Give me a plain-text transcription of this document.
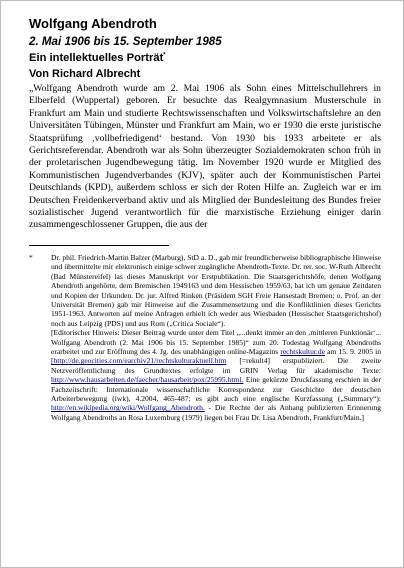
Wolfgang Abendroth

2. Mai 1906 bis 15. September 1985

Ein intellektuelles Porträt*

Von Richard Albrecht

„Wolfgang Abendroth wurde am 2. Mai 1906 als Sohn eines Mittelschullehrers in Elberfeld (Wuppertal) geboren. Er besuchte das Realgymnasium Musterschule in Frankfurt am Main und studierte Rechtswissenschaften und Volkswirtschaftslehre an den Universitäten Tübingen, Münster und Frankfurt am Main, wo er 1930 die erste juristische Staatsprüfung ‚vollbefriedigend‘ bestand. Von 1930 bis 1933 arbeitete er als Gerichtsreferendar. Abendroth war als Sohn überzeugter Sozialdemokraten schon früh in der proletarischen Jugendbewegung tätig. Im November 1920 wurde er Mitglied des Kommunistischen Jugendverbandes (KJV), später auch der Kommunistischen Partei Deutschlands (KPD), außerdem schloss er sich der Roten Hilfe an. Zugleich war er im Deutschen Freidenkerverband aktiv und als Mitglied der Bundesleitung des Bundes freier sozialistischer Jugend verantwortlich für die marxistische Erziehung einiger darin zusammengeschlossener Gruppen, die aus der

* Dr. phil. Friedrich-Martin Balzer (Marburg), StD a. D., gab mir freundlicherweise bibliographische Hinweise und übermittelte mir elektronisch einige schwer zugängliche Abendroth-Texte. Dr. rer. soc. W-Ruth Albrecht (Bad Münstereifel) las dieses Manuskript vor Erstpublikation. Die Staatsgerichtshöfe, denen Wolfgang Abendroth angehörte, dem Bremischen 1949163 und dem Hessischen 1959/63, bat ich um genaue Zeitdaten und Kopien der Urkunden. Dr. jur. Alfred Rinken (Präsident SGH Freie Hansestadt Bremen; o. Prof. an der Universität Bremen) gab mir Hinweise auf die Zusammensetzung und die Konfliktlinien dieses Gerichts 1951-1963. Antworten auf meine Anfragen erhielt ich weder aus Wiesbaden (Hessischer Staatsgerichtshof) noch aus Leipzig (PDS) und aus Rom („Critica Sociale“).
[Editorischer Hinweis: Dieser Beitrag wurde unter dem Titel „...denkt immer an den ‚mittleren Funktionär‘... Wolfgang Abendroth (2. Mai 1906 bis 15. September 1985)“ zum 20. Todestag Wolfgang Abendroths erarbeitet und zur Eröffnung des 4. Jg. des unabhängigen online-Magazins rechtskultur.de am 15. 9. 2005 in [http://de.geocities.com/earchiv21/rechtskulturaktuell.htm [=rekult4] erstpubliziert. Die zweite Netzveröffentlichung des Grundtextes erfolgte im GRIN Verlag für akademische Texte: http://www.hausarbeiten.de/faecher/hausarbeit/pox/25995.html. Eine gekürzte Druckfassung erschien in der Fachzeitschrift: Internationale wissenschaftliche Korrespondenz zur Geschichte der deutschen Arbeiterbewegung (iwk), 4.2004, 465-487; es gibt auch eine englische Kurzfassung („Summary“): http://en.wikipedia.org/wiki/Wolfgang_Abendroth. - Die Rechte der als Anhang publizierten Erinnerung Wolfgang Abendroths an Rosa Luxemburg (1979) liegen bei Frau Dr. Lisa Abendroth, Frankfurt/Main.]
